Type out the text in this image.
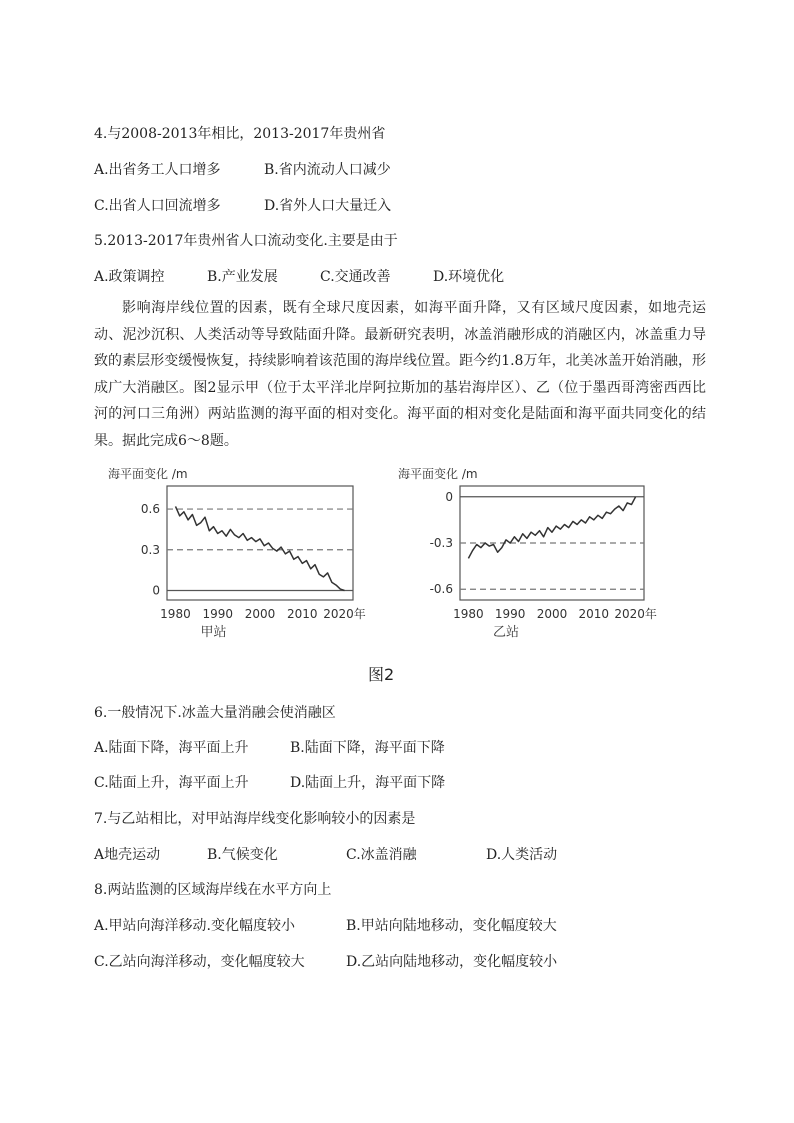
4.与2008-2013年相比，2013-2017年贵州省
A.出省务工人口增多	B.省内流动人口减少
C.出省人口回流增多	D.省外人口大量迁入
5.2013-2017年贵州省人口流动变化.主要是由于
A.政策调控	B.产业发展	C.交通改善	D.环境优化
影响海岸线位置的因素，既有全球尺度因素，如海平面升降，又有区域尺度因素，如地壳运动、泥沙沉积、人类活动等导致陆面升降。最新研究表明，冰盖消融形成的消融区内，冰盖重力导致的素层形变缓慢恢复，持续影响着该范围的海岸线位置。距今约1.8万年，北美冰盖开始消融，形成广大消融区。图2显示甲（位于太平洋北岸阿拉斯加的基岩海岸区）、乙（位于墨西哥湾密西西比河的河口三角洲）两站监测的海平面的相对变化。海平面的相对变化是陆面和海平面共同变化的结果。据此完成6～8题。
海平面变化 /m
0.6
0.3
0
1980 1990 2000 2010 2020年
甲站
海平面变化 /m
0
-0.3
-0.6
1980 1990 2000 2010 2020年
乙站
图2
6.一般情况下.冰盖大量消融会使消融区
A.陆面下降，海平面上升	B.陆面下降，海平面下降
C.陆面上升，海平面上升	D.陆面上升，海平面下降
7.与乙站相比，对甲站海岸线变化影响较小的因素是
A地壳运动	B.气候变化	C.冰盖消融	D.人类活动
8.两站监测的区域海岸线在水平方向上
A.甲站向海洋移动.变化幅度较小	B.甲站向陆地移动，变化幅度较大
C.乙站向海洋移动，变化幅度较大	D.乙站向陆地移动，变化幅度较小
